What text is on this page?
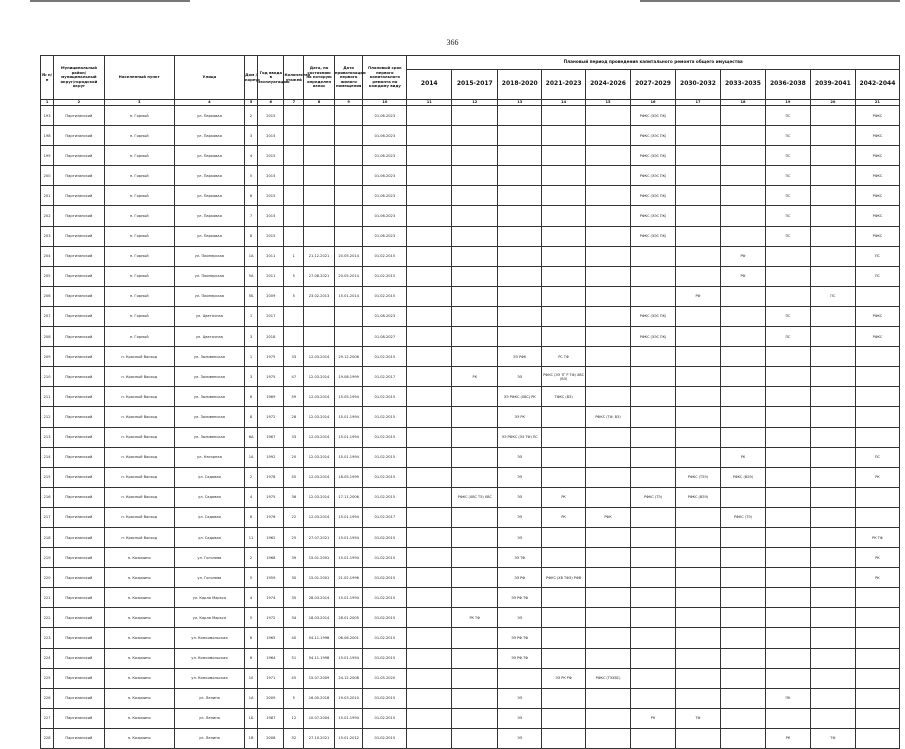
366
№ п/п	Муниципальный район/муниципальный округ/городской округ	Населенный пункт	Улица	Дом / корпус	Год ввода в эксплуатацию	Количество этажей	Дата, по состоянию на которую определен износ	Дата приватизации первого жилого помещения	Плановый срок первого капитального ремонта по каждому виду	Плановый период проведения капитального ремонта общего имущества										
										2014	2015-2017	2018-2020	2021-2023	2024-2026	2027-2029	2030-2032	2033-2035	2036-2038	2039-2041	2042-2044
1	2	3	4	5	6	7	8	9	10	11	12	13	14	15	16	17	18	19	20	21
193	Партизанский	п. Горный	ул. Парковая	2	2015				01.06.2023						РФКС (ЭЭС ПК)			ПС		РФКС
198	Партизанский	п. Горный	ул. Парковая	3	2015				01.06.2023						РФКС (ЭЭС ПК)			ПС		РФКС
199	Партизанский	п. Горный	ул. Парковая	4	2015				01.06.2023						РФКС (ЭЭС ПК)			ПС		РФКС
200	Партизанский	п. Горный	ул. Парковая	5	2015				01.06.2023						РФКС (ЭЭС ПК)			ПС		РФКС
201	Партизанский	п. Горный	ул. Парковая	6	2015				01.06.2023						РФКС (ЭЭС ПК)			ПС		РФКС
202	Партизанский	п. Горный	ул. Парковая	7	2015				01.06.2023						РФКС (ЭЭС ПК)			ПС		РФКС
203	Партизанский	п. Горный	ул. Парковая	8	2015				01.06.2023						РФКС (ЭЭС ПК)			ПС		РФКС
204	Партизанский	п. Горный	ул. Пионерская	1А	2011	1	21.12.2021	20.05.2014	01.02.2015								РФ			ПС
205	Партизанский	п. Горный	ул. Пионерская	5А	2011	5	27.08.2021	20.05.2014	01.02.2015								РФ			ПС
206	Партизанский	п. Горный	ул. Пионерская	5Б	2009	5	23.02.2013	15.01.2014	01.02.2015							РФ			ПС	
207	Партизанский	п. Горный	ул. Цветочная	1	2017				01.08.2023						РФКС (ЭЭС ПК)			ПС		РФКС
208	Партизанский	п. Горный	ул. Цветочная	3	2018				01.08.2027						РФКС (ЭЭС ПК)			ПС		РФКС
209	Партизанский	п. Красный Восход	ул. Заливенская	1	1975	33	12.03.2014	29.12.2006	01.02.2015			ЭЭ РФК	РС ТФ							
210	Партизанский	п. Красный Восход	ул. Заливенская	3	1975	47	12.03.2014	19.08.1999	01.02.2017		РК	ЭЭ	РФКС (ЭЭ ТГ Р ТФ) ХВС (ВЭ)							
211	Партизанский	п. Красный Восход	ул. Заливенская	6	1969	59	12.03.2014	15.05.1994	01.02.2015			ЭЭ РФКС (ХВС) РК	ТФКС (ВЭ)							
212	Партизанский	п. Красный Восход	ул. Заливенская	8	1972	28	12.03.2014	15.01.1994	01.02.2015			ЭЭ РК		РФКС (ТФ, ВЭ)						
213	Партизанский	п. Красный Восход	ул. Заливенская	6А	1967	33	12.03.2014	15.01.1994	01.02.2015			ЭЭ РФКС (ЭЭ ТФ) ПС								
214	Партизанский	п. Красный Восход	ул. Нагорная	1А	1992	20	12.03.2014	15.01.1994	01.02.2015			ЭЭ					РК			ПС
215	Партизанский	п. Красный Восход	ул. Садовая	2	1978	55	12.03.2014	18.05.1999	01.02.2015			ЭЭ				РФКС (ТЭЭ)	РФКС (ВЭЭ)			РК
216	Партизанский	п. Красный Восход	ул. Садовая	4	1975	36	12.03.2014	17.11.2006	01.02.2015		РФКС (ХВС ТЭ) ХВС	ЭЭ	РК		РФКС (ТЭ)	РФКС (ВЭЭ)				
217	Партизанский	п. Красный Восход	ул. Садовая	8	1976	22	12.03.2014	15.01.1994	01.02.2017			ЭЭ	РК	РФК			РФКС (ТЭ)			
218	Партизанский	п. Красный Восход	ул. Садовая	11	1962	25	27.07.2021	15.01.1994	01.02.2015			ЭЭ								РК ТФ
219	Партизанский	п. Козьмино	ул. Гоголева	2	1968	39	15.01.2001	15.01.1994	01.02.2015			ЭЭ ТФ								РК
220	Партизанский	п. Козьмино	ул. Гоголева	5	1959	30	15.01.2001	21.02.1996	01.02.2015			ЭЭ РФ	РФКС (ХВ ТФЭ) РФВ							РК
221	Партизанский	п. Козьмино	ул. Карла Маркса	4	1974	35	28.03.2014	15.01.1994	01.02.2015			ЭЭ РФ ТФ								
222	Партизанский	п. Козьмино	ул. Карла Маркса	5	1972	34	18.03.2014	28.01.2005	01.02.2015		РК ТФ	ЭЭ								
223	Партизанский	п. Козьмино	ул. Комсомольская	6	1965	40	04.11.1998	06.06.2001	01.02.2015			ЭЭ РФ ТФ								
224	Партизанский	п. Козьмино	ул. Комсомольская	8	1964	51	04.11.1998	15.01.1994	01.02.2015			ЭЭ РФ ТФ								
225	Партизанский	п. Козьмино	ул. Комсомольская	10	1971	45	15.07.2009	24.12.2008	01.05.2020				ЭЭ РК РФ	РФКС (ТЭХВС)						
226	Партизанский	п. Козьмино	ул. Ленина	1А	2009	5	16.05.2018	19.03.2010	01.02.2015			ЭЭ						ПК		
227	Партизанский	п. Козьмино	ул. Ленина	1Б	1987	12	10.07.2004	15.01.1994	01.02.2015			ЭЭ			РК	ТФ				
228	Партизанский	п. Козьмино	ул. Ленина	1В	2008	32	27.10.2021	15.01.2012	01.02.2015			ЭЭ						РК	ТФ	
